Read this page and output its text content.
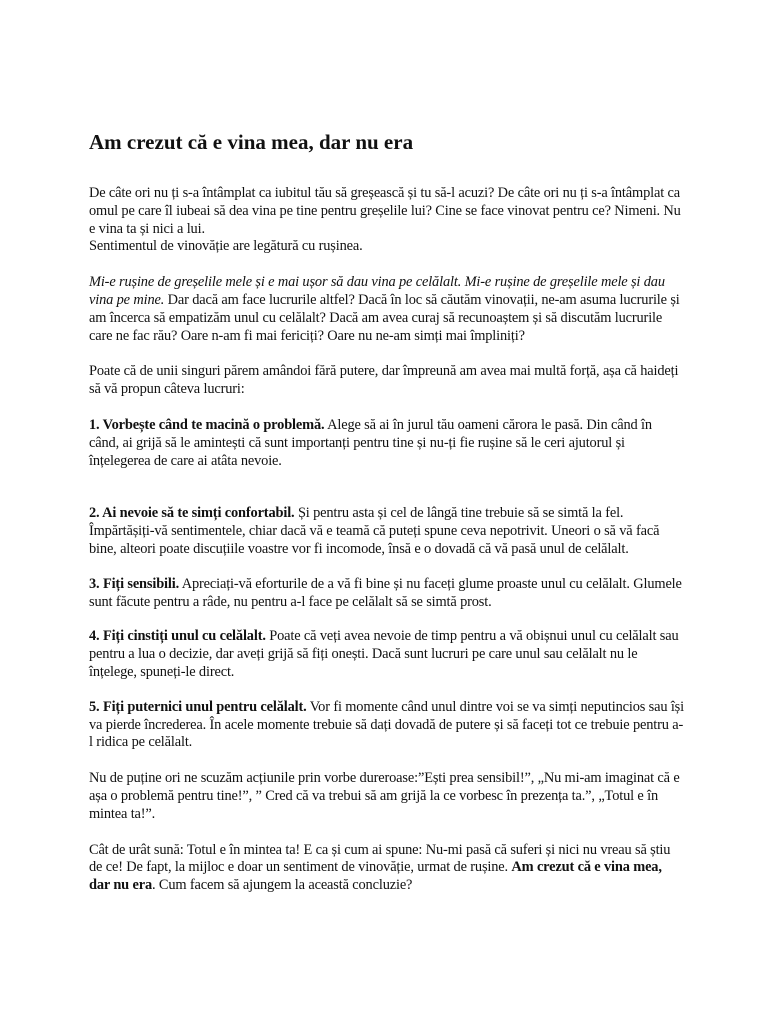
Am crezut că e vina mea, dar nu era

De câte ori nu ți s-a întâmplat ca iubitul tău să greșească și tu să-l acuzi? De câte ori nu ți s-a întâmplat ca omul pe care îl iubeai să dea vina pe tine pentru greșelile lui? Cine se face vinovat pentru ce? Nimeni. Nu e vina ta și nici a lui.
Sentimentul de vinovăție are legătură cu rușinea.

Mi-e rușine de greșelile mele și e mai ușor să dau vina pe celălalt. Mi-e rușine de greșelile mele și dau vina pe mine. Dar dacă am face lucrurile altfel? Dacă în loc să căutăm vinovații, ne-am asuma lucrurile și am încerca să empatizăm unul cu celălalt? Dacă am avea curaj să recunoaștem și să discutăm lucrurile care ne fac rău? Oare n-am fi mai fericiți? Oare nu ne-am simți mai împliniți?

Poate că de unii singuri părem amândoi fără putere, dar împreună am avea mai multă forță, așa că haideți să vă propun câteva lucruri:

1. Vorbește când te macină o problemă. Alege să ai în jurul tău oameni cărora le pasă. Din când în când, ai grijă să le amintești că sunt importanți pentru tine și nu-ți fie rușine să le ceri ajutorul și înțelegerea de care ai atâta nevoie.

2. Ai nevoie să te simți confortabil. Și pentru asta și cel de lângă tine trebuie să se simtă la fel. Împărtășiți-vă sentimentele, chiar dacă vă e teamă că puteți spune ceva nepotrivit. Uneori o să vă facă bine, alteori poate discuțiile voastre vor fi incomode, însă e o dovadă că vă pasă unul de celălalt.

3. Fiți sensibili. Apreciați-vă eforturile de a vă fi bine și nu faceți glume proaste unul cu celălalt. Glumele sunt făcute pentru a râde, nu pentru a-l face pe celălalt să se simtă prost.

4. Fiți cinstiți unul cu celălalt. Poate că veți avea nevoie de timp pentru a vă obișnui unul cu celălalt sau pentru a lua o decizie, dar aveți grijă să fiți onești. Dacă sunt lucruri pe care unul sau celălalt nu le înțelege, spuneți-le direct.

5. Fiți puternici unul pentru celălalt. Vor fi momente când unul dintre voi se va simți neputincios sau își va pierde încrederea. În acele momente trebuie să dați dovadă de putere și să faceți tot ce trebuie pentru a-l ridica pe celălalt.

Nu de puține ori ne scuzăm acțiunile prin vorbe dureroase:”Ești prea sensibil!”, „Nu mi-am imaginat că e așa o problemă pentru tine!”, ” Cred că va trebui să am grijă la ce vorbesc în prezența ta.”, „Totul e în mintea ta!”.

Cât de urât sună: Totul e în mintea ta! E ca și cum ai spune: Nu-mi pasă că suferi și nici nu vreau să știu de ce! De fapt, la mijloc e doar un sentiment de vinovăție, urmat de rușine. Am crezut că e vina mea, dar nu era. Cum facem să ajungem la această concluzie?
